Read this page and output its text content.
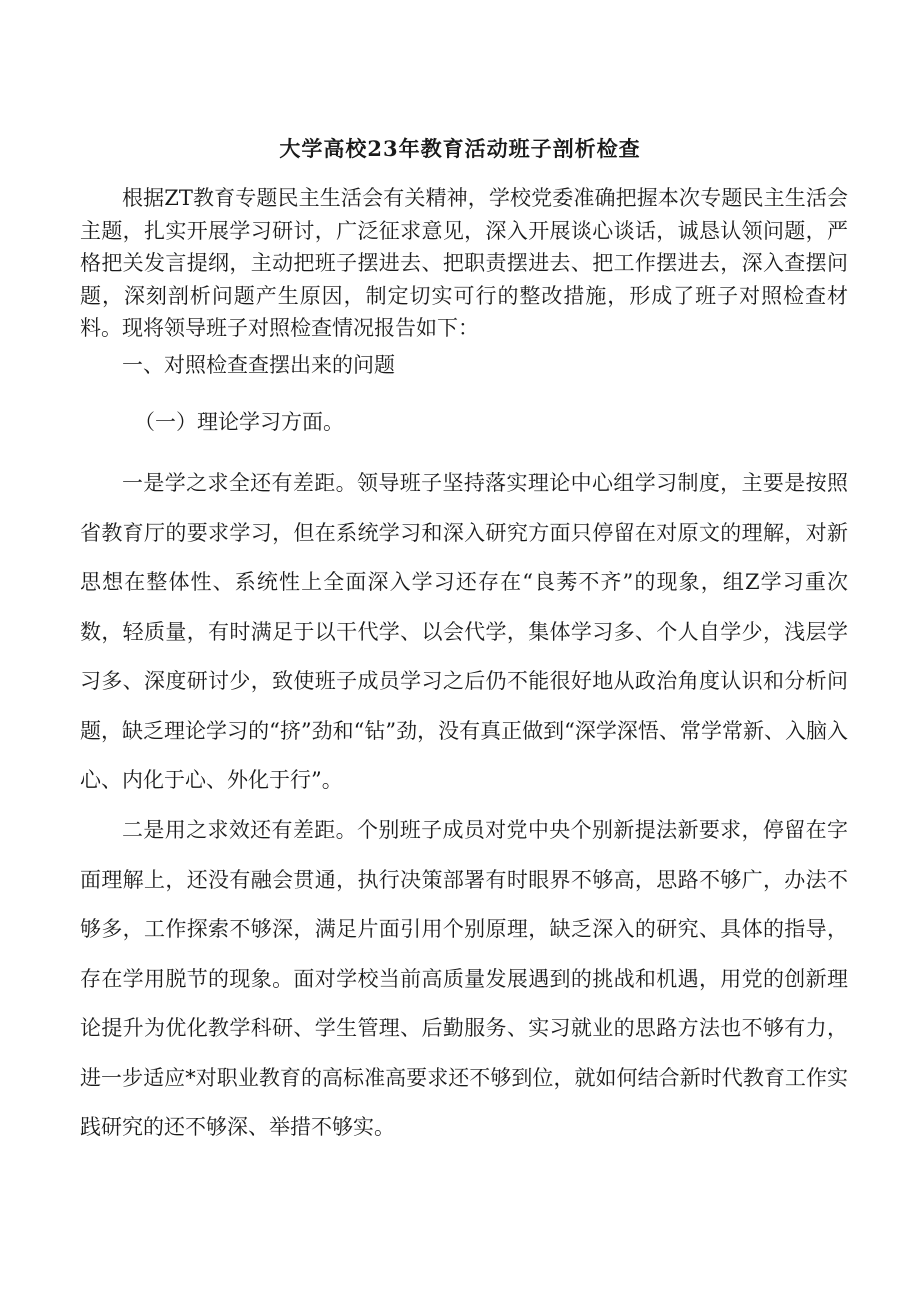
大学高校23年教育活动班子剖析检查

根据ZT教育专题民主生活会有关精神，学校党委准确把握本次专题民主生活会主题，扎实开展学习研讨，广泛征求意见，深入开展谈心谈话，诚恳认领问题，严格把关发言提纲，主动把班子摆进去、把职责摆进去、把工作摆进去，深入查摆问题，深刻剖析问题产生原因，制定切实可行的整改措施，形成了班子对照检查材料。现将领导班子对照检查情况报告如下：

一、对照检查查摆出来的问题
（一）理论学习方面。

一是学之求全还有差距。领导班子坚持落实理论中心组学习制度，主要是按照省教育厅的要求学习，但在系统学习和深入研究方面只停留在对原文的理解，对新思想在整体性、系统性上全面深入学习还存在“良莠不齐”的现象，组Z学习重次数，轻质量，有时满足于以干代学、以会代学，集体学习多、个人自学少，浅层学习多、深度研讨少，致使班子成员学习之后仍不能很好地从政治角度认识和分析问题，缺乏理论学习的“挤”劲和“钻”劲，没有真正做到“深学深悟、常学常新、入脑入心、内化于心、外化于行”。

二是用之求效还有差距。个别班子成员对党中央个别新提法新要求，停留在字面理解上，还没有融会贯通，执行决策部署有时眼界不够高，思路不够广，办法不够多，工作探索不够深，满足片面引用个别原理，缺乏深入的研究、具体的指导，存在学用脱节的现象。面对学校当前高质量发展遇到的挑战和机遇，用党的创新理论提升为优化教学科研、学生管理、后勤服务、实习就业的思路方法也不够有力，进一步适应*对职业教育的高标准高要求还不够到位，就如何结合新时代教育工作实践研究的还不够深、举措不够实。
